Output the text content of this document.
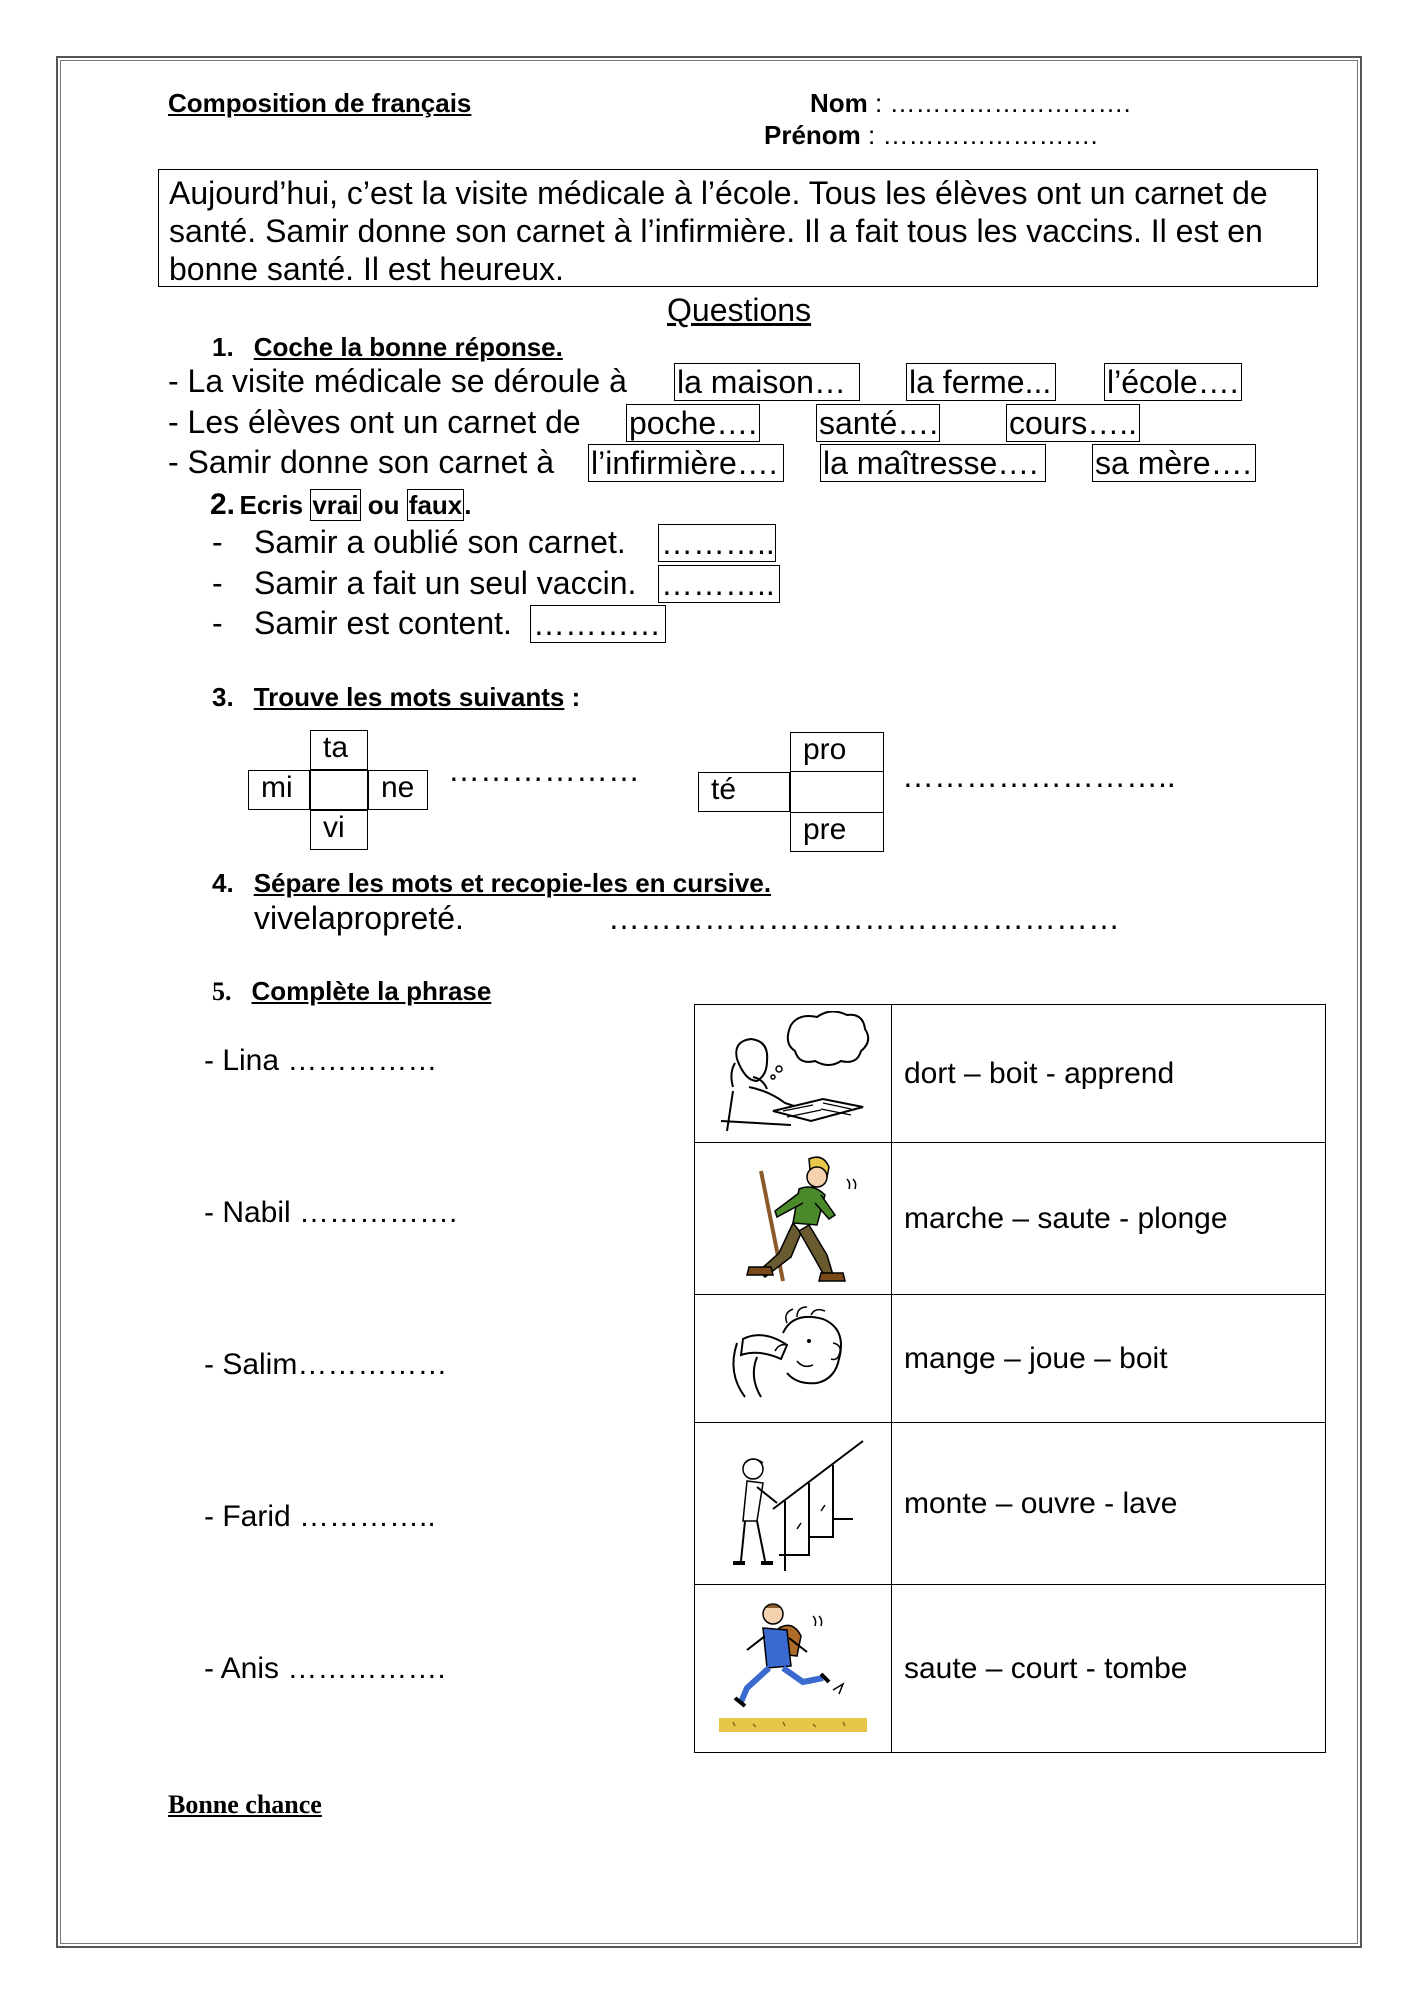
Composition de français	Nom : ……………………….
Prénom : …………………….
Aujourd’hui, c’est la visite médicale à l’école. Tous les élèves ont un carnet de santé. Samir donne son carnet à l’infirmière. Il a fait tous les vaccins. Il est en bonne santé. Il est heureux.
Questions
1. Coche la bonne réponse.
- La visite médicale se déroule à la maison…	la ferme... l’école….
- Les élèves ont un carnet de poche…. santé…. cours…..
- Samir donne son carnet à l’infirmière…. la maîtresse…. sa mère….
2. Ecris vrai ou faux.
- Samir a oublié son carnet. ………..
- Samir a fait un seul vaccin. ………..
- Samir est content. …………
3. Trouve les mots suivants :
ta
mi	ne
vi
………………
pro
té
pre
……………………..
4. Sépare les mots et recopie-les en cursive.
vivelapropreté.	…………………………………………
5. Complète la phrase
- Lina ……………
- Nabil …………….
- Salim……………
- Farid …………..
- Anis …………….
	dort – boit - apprend

	marche – saute - plonge

	mange – joue – boit

	monte – ouvre - lave

	saute – court - tombe
Bonne chance
